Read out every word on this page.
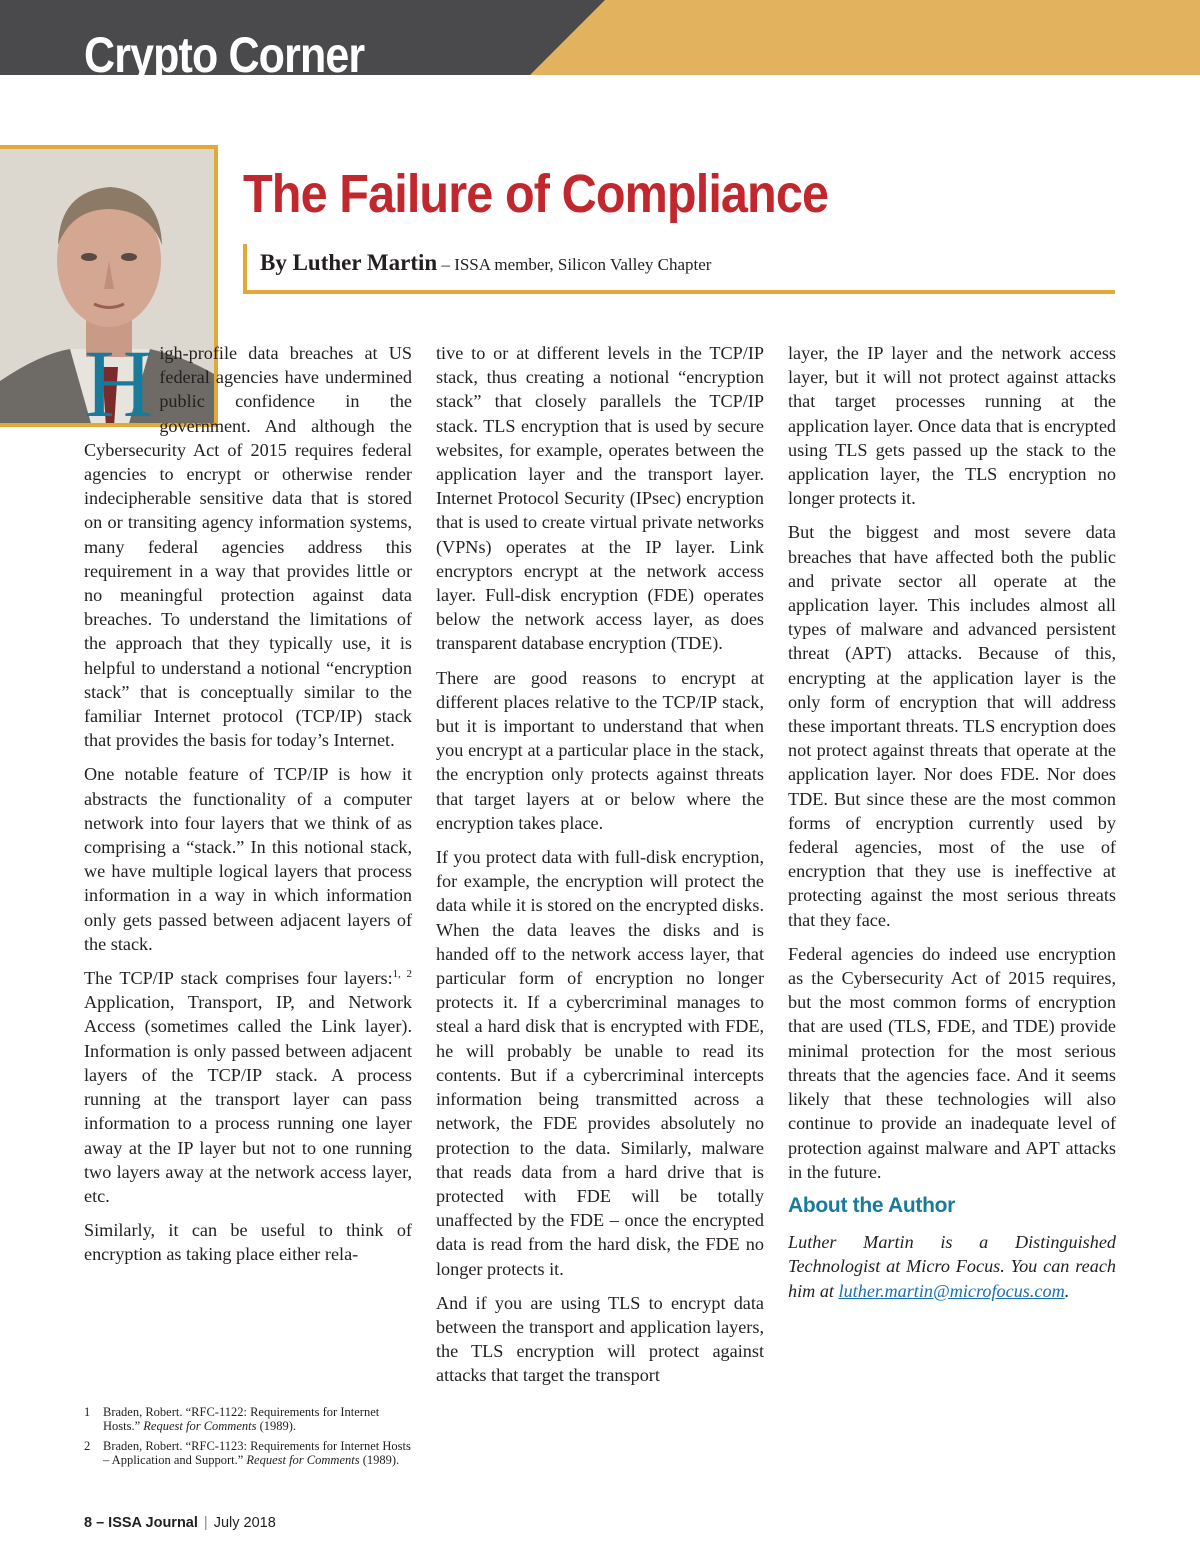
Crypto Corner
The Failure of Compliance
By Luther Martin – ISSA member, Silicon Valley Chapter

High-profile data breaches at US federal agencies have undermined public confidence in the government. And although the Cybersecurity Act of 2015 requires federal agencies to encrypt or otherwise render indecipherable sensitive data that is stored on or transiting agency information systems, many federal agencies address this requirement in a way that provides little or no meaningful protection against data breaches. To understand the limitations of the approach that they typically use, it is helpful to understand a notional “encryption stack” that is conceptually similar to the familiar Internet protocol (TCP/IP) stack that provides the basis for today’s Internet.

One notable feature of TCP/IP is how it abstracts the functionality of a computer network into four layers that we think of as comprising a “stack.” In this notional stack, we have multiple logical layers that process information in a way in which information only gets passed between adjacent layers of the stack.

The TCP/IP stack comprises four layers:$^{1, 2}$ Application, Transport, IP, and Network Access (sometimes called the Link layer). Information is only passed between adjacent layers of the TCP/IP stack. A process running at the transport layer can pass information to a process running one layer away at the IP layer but not to one running two layers away at the network access layer, etc.

Similarly, it can be useful to think of encryption as taking place either rela-

tive to or at different levels in the TCP/IP stack, thus creating a notional “encryption stack” that closely parallels the TCP/IP stack. TLS encryption that is used by secure websites, for example, operates between the application layer and the transport layer. Internet Protocol Security (IPsec) encryption that is used to create virtual private networks (VPNs) operates at the IP layer. Link encryptors encrypt at the network access layer. Full-disk encryption (FDE) operates below the network access layer, as does transparent database encryption (TDE).

There are good reasons to encrypt at different places relative to the TCP/IP stack, but it is important to understand that when you encrypt at a particular place in the stack, the encryption only protects against threats that target layers at or below where the encryption takes place.

If you protect data with full-disk encryption, for example, the encryption will protect the data while it is stored on the encrypted disks. When the data leaves the disks and is handed off to the network access layer, that particular form of encryption no longer protects it. If a cybercriminal manages to steal a hard disk that is encrypted with FDE, he will probably be unable to read its contents. But if a cybercriminal intercepts information being transmitted across a network, the FDE provides absolutely no protection to the data. Similarly, malware that reads data from a hard drive that is protected with FDE will be totally unaffected by the FDE – once the encrypted data is read from the hard disk, the FDE no longer protects it.

And if you are using TLS to encrypt data between the transport and application layers, the TLS encryption will protect against attacks that target the transport

layer, the IP layer and the network access layer, but it will not protect against attacks that target processes running at the application layer. Once data that is encrypted using TLS gets passed up the stack to the application layer, the TLS encryption no longer protects it.

But the biggest and most severe data breaches that have affected both the public and private sector all operate at the application layer. This includes almost all types of malware and advanced persistent threat (APT) attacks. Because of this, encrypting at the application layer is the only form of encryption that will address these important threats. TLS encryption does not protect against threats that operate at the application layer. Nor does FDE. Nor does TDE. But since these are the most common forms of encryption currently used by federal agencies, most of the use of encryption that they use is ineffective at protecting against the most serious threats that they face.

Federal agencies do indeed use encryption as the Cybersecurity Act of 2015 requires, but the most common forms of encryption that are used (TLS, FDE, and TDE) provide minimal protection for the most serious threats that the agencies face. And it seems likely that these technologies will also continue to provide an inadequate level of protection against malware and APT attacks in the future.

About the Author

Luther Martin is a Distinguished Technologist at Micro Focus. You can reach him at luther.martin@microfocus.com.

1	Braden, Robert. “RFC-1122: Requirements for Internet Hosts.” Request for Comments (1989).
2	Braden, Robert. “RFC-1123: Requirements for Internet Hosts – Application and Support.” Request for Comments (1989).
8 – ISSA Journal | July 2018
